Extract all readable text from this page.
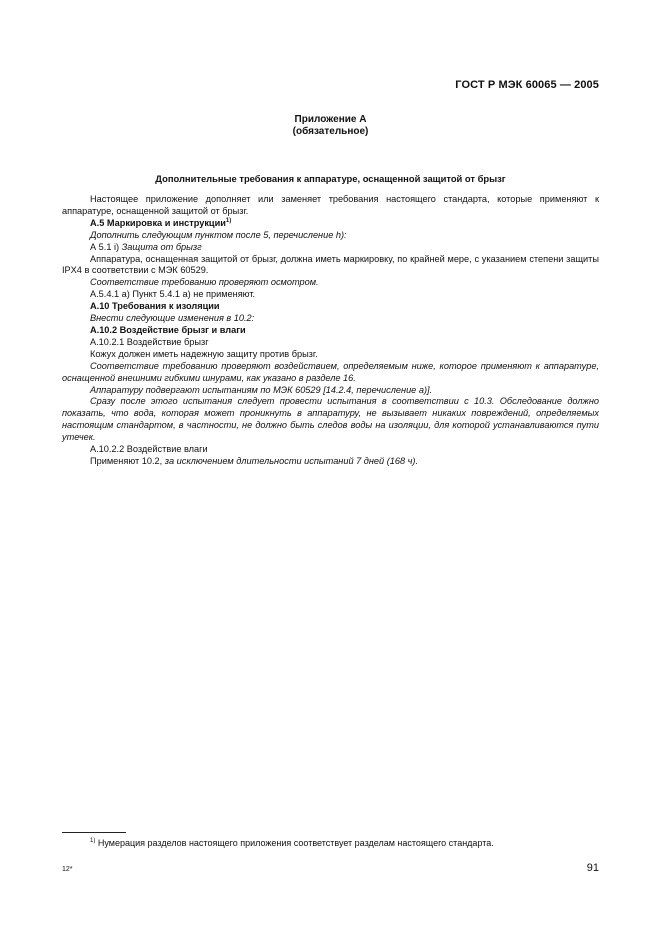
ГОСТ Р МЭК 60065 — 2005
Приложение А
(обязательное)
Дополнительные требования к аппаратуре, оснащенной защитой от брызг

Настоящее приложение дополняет или заменяет требования настоящего стандарта, которые применяют к аппаратуре, оснащенной защитой от брызг.

А.5 Маркировка и инструкции$^{1)}$

Дополнить следующим пунктом после 5, перечисление h):

А 5.1 i) Защита от брызг

Аппаратура, оснащенная защитой от брызг, должна иметь маркировку, по крайней мере, с указанием степени защиты IPX4 в соответствии с МЭК 60529.

Соответствие требованию проверяют осмотром.

А.5.4.1 a) Пункт 5.4.1 a) не применяют.

А.10 Требования к изоляции

Внести следующие изменения в 10.2:

А.10.2 Воздействие брызг и влаги

А.10.2.1 Воздействие брызг

Кожух должен иметь надежную защиту против брызг.

Соответствие требованию проверяют воздействием, определяемым ниже, которое применяют к аппаратуре, оснащенной внешними гибкими шнурами, как указано в разделе 16.

Аппаратуру подвергают испытаниям по МЭК 60529 [14.2.4, перечисление а)].

Сразу после этого испытания следует провести испытания в соответствии с 10.3. Обследование должно показать, что вода, которая может проникнуть в аппаратуру, не вызывает никаких повреждений, определяемых настоящим стандартом, в частности, не должно быть следов воды на изоляции, для которой устанавливаются пути утечек.

А.10.2.2 Воздействие влаги

Применяют 10.2, за исключением длительности испытаний 7 дней (168 ч).

$^{1)}$ Нумерация разделов настоящего приложения соответствует разделам настоящего стандарта.
12*	91
